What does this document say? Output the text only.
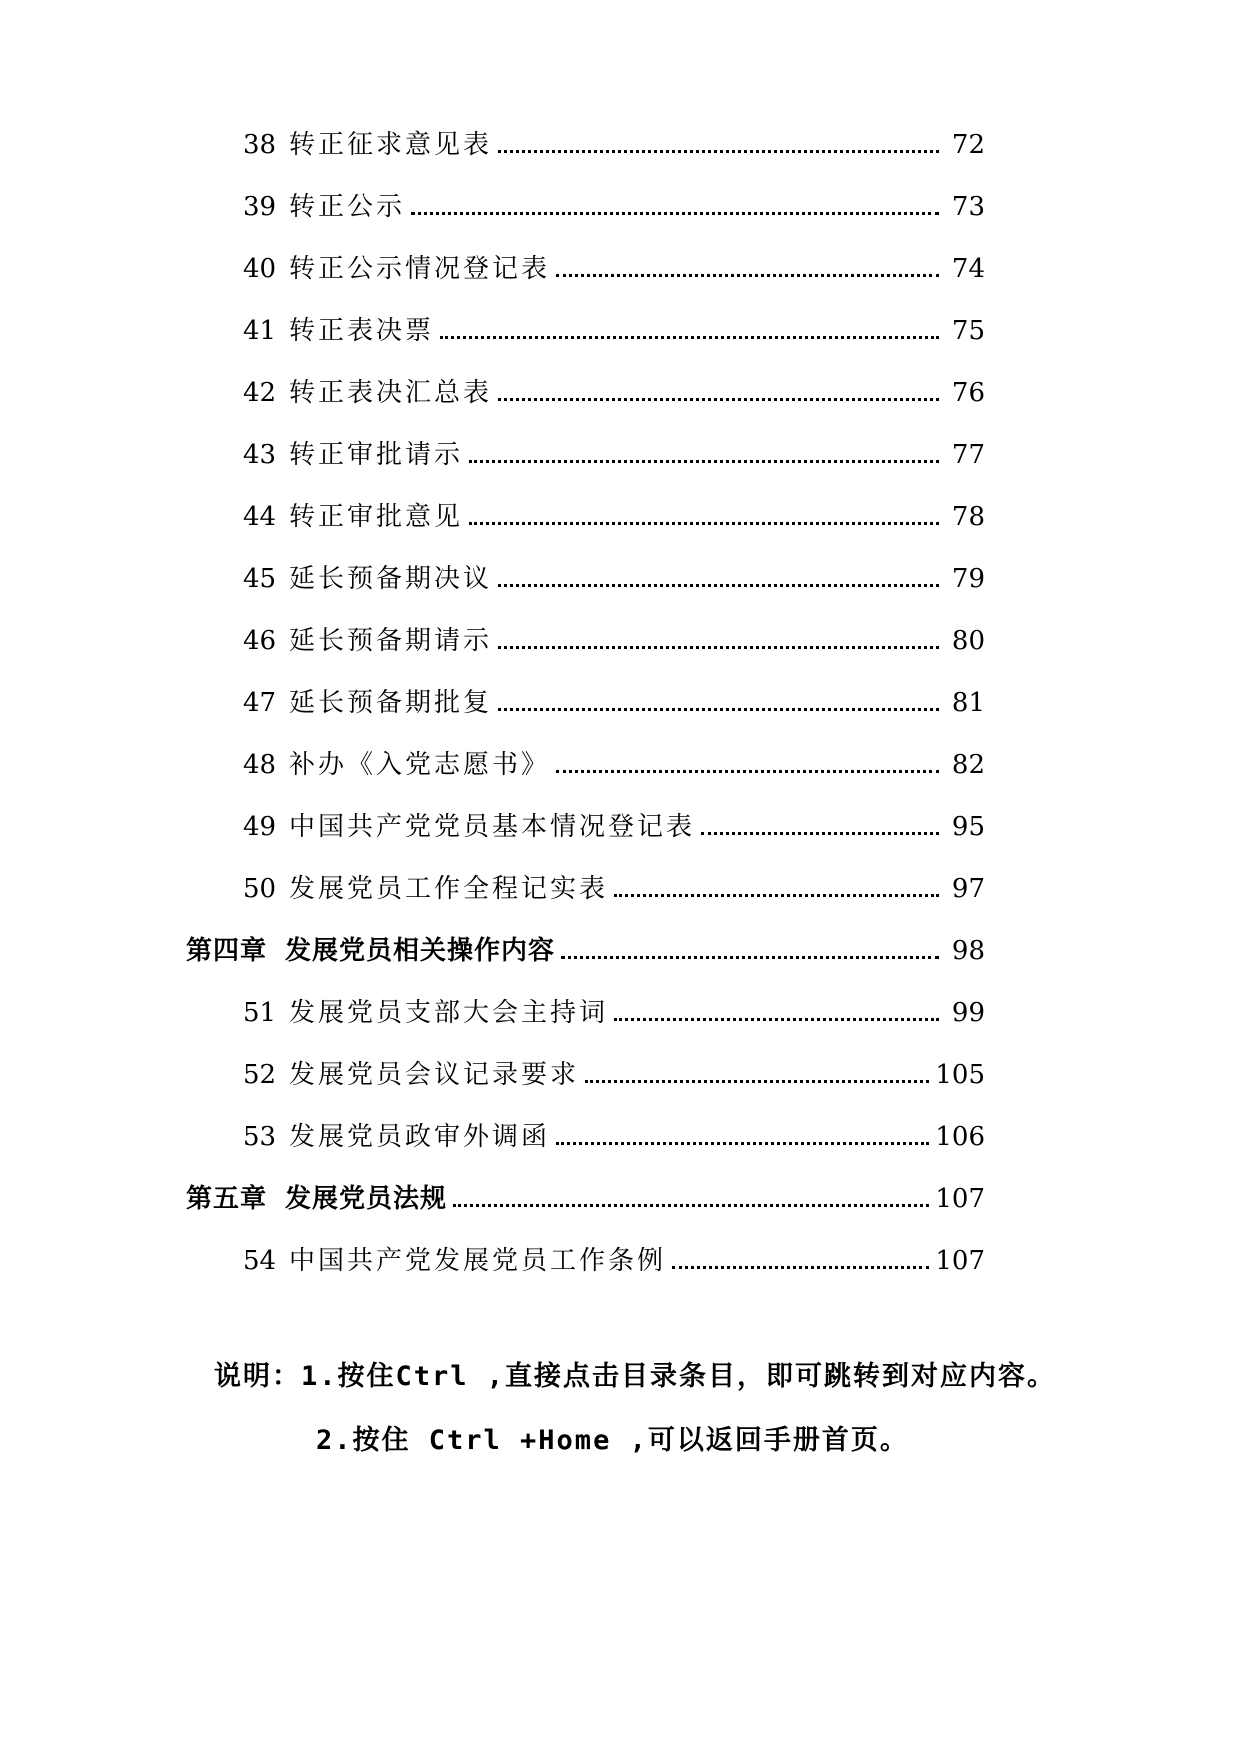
38 转正征求意见表	72
39 转正公示	73
40 转正公示情况登记表	74
41 转正表决票	75
42 转正表决汇总表	76
43 转正审批请示	77
44 转正审批意见	78
45 延长预备期决议	79
46 延长预备期请示	80
47 延长预备期批复	81
48 补办《入党志愿书》	82
49 中国共产党党员基本情况登记表	95
50 发展党员工作全程记实表	97
第四章 发展党员相关操作内容	98
51 发展党员支部大会主持词	99
52 发展党员会议记录要求	105
53 发展党员政审外调函	106
第五章 发展党员法规	107
54 中国共产党发展党员工作条例	107
说明：1.按住Ctrl ,直接点击目录条目，即可跳转到对应内容。
2.按住 Ctrl +Home ,可以返回手册首页。
